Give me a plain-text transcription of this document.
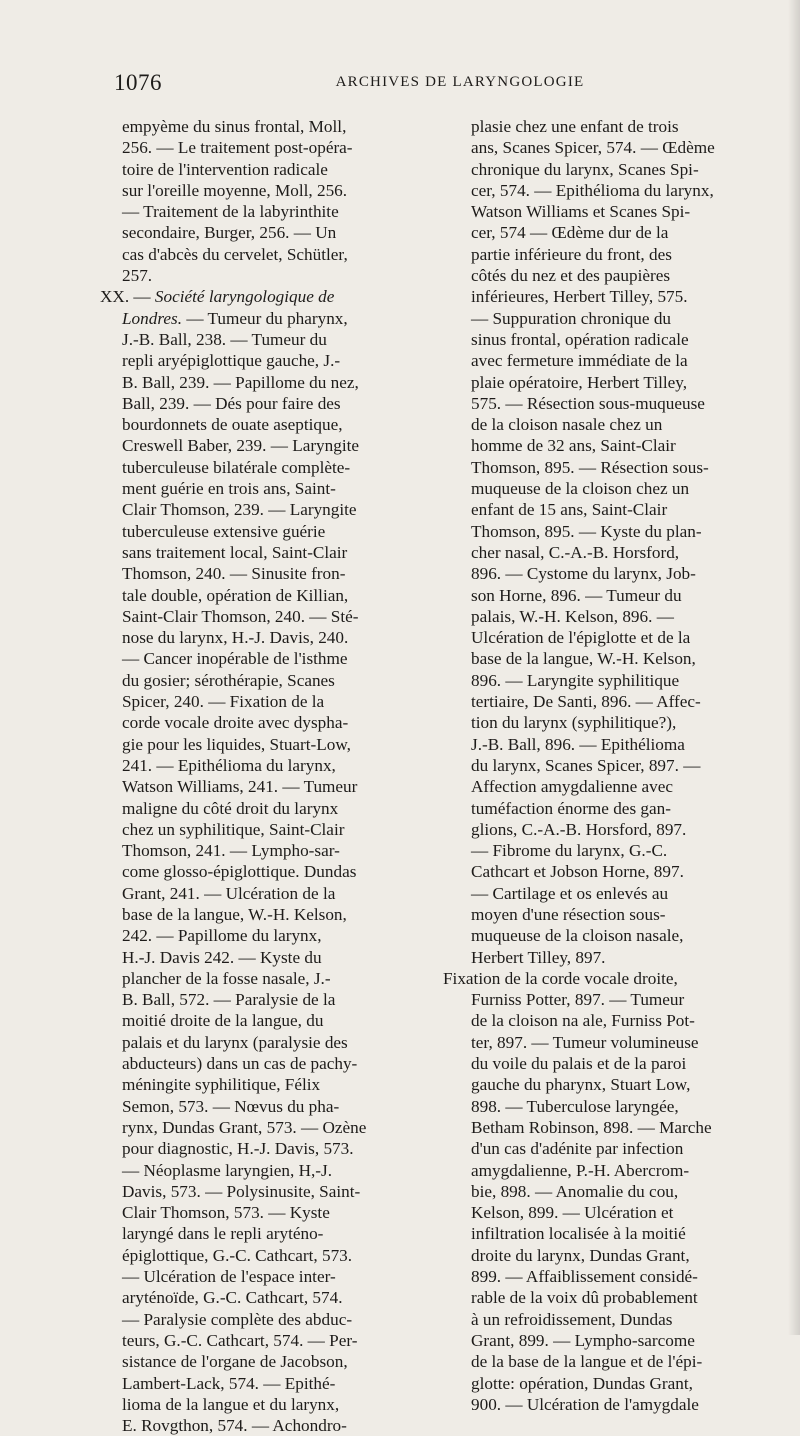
1076	ARCHIVES DE LARYNGOLOGIE

empyème du sinus frontal, Moll,

256. — Le traitement post-opéra-

toire de l'intervention radicale

sur l'oreille moyenne, Moll, 256.

— Traitement de la labyrinthite

secondaire, Burger, 256. — Un

cas d'abcès du cervelet, Schütler,

257.

XX. — Société laryngologique de

Londres. — Tumeur du pharynx,

J.-B. Ball, 238. — Tumeur du

repli aryépiglottique gauche, J.-

B. Ball, 239. — Papillome du nez,

Ball, 239. — Dés pour faire des

bourdonnets de ouate aseptique,

Creswell Baber, 239. — Laryngite

tuberculeuse bilatérale complète-

ment guérie en trois ans, Saint-

Clair Thomson, 239. — Laryngite

tuberculeuse extensive guérie

sans traitement local, Saint-Clair

Thomson, 240. — Sinusite fron-

tale double, opération de Killian,

Saint-Clair Thomson, 240. — Sté-

nose du larynx, H.-J. Davis, 240.

— Cancer inopérable de l'isthme

du gosier; sérothérapie, Scanes

Spicer, 240. — Fixation de la

corde vocale droite avec dyspha-

gie pour les liquides, Stuart-Low,

241. — Epithélioma du larynx,

Watson Williams, 241. — Tumeur

maligne du côté droit du larynx

chez un syphilitique, Saint-Clair

Thomson, 241. — Lympho-sar-

come glosso-épiglottique. Dundas

Grant, 241. — Ulcération de la

base de la langue, W.-H. Kelson,

242. — Papillome du larynx,

H.-J. Davis 242. — Kyste du

plancher de la fosse nasale, J.-

B. Ball, 572. — Paralysie de la

moitié droite de la langue, du

palais et du larynx (paralysie des

abducteurs) dans un cas de pachy-

méningite syphilitique, Félix

Semon, 573. — Nœvus du pha-

rynx, Dundas Grant, 573. — Ozène

pour diagnostic, H.-J. Davis, 573.

— Néoplasme laryngien, H,-J.

Davis, 573. — Polysinusite, Saint-

Clair Thomson, 573. — Kyste

laryngé dans le repli aryténo-

épiglottique, G.-C. Cathcart, 573.

— Ulcération de l'espace inter-

aryténoïde, G.-C. Cathcart, 574.

— Paralysie complète des abduc-

teurs, G.-C. Cathcart, 574. — Per-

sistance de l'organe de Jacobson,

Lambert-Lack, 574. — Epithé-

lioma de la langue et du larynx,

E. Rovgthon, 574. — Achondro-

plasie chez une enfant de trois

ans, Scanes Spicer, 574. — Œdème

chronique du larynx, Scanes Spi-

cer, 574. — Epithélioma du larynx,

Watson Williams et Scanes Spi-

cer, 574 — Œdème dur de la

partie inférieure du front, des

côtés du nez et des paupières

inférieures, Herbert Tilley, 575.

— Suppuration chronique du

sinus frontal, opération radicale

avec fermeture immédiate de la

plaie opératoire, Herbert Tilley,

575. — Résection sous-muqueuse

de la cloison nasale chez un

homme de 32 ans, Saint-Clair

Thomson, 895. — Résection sous-

muqueuse de la cloison chez un

enfant de 15 ans, Saint-Clair

Thomson, 895. — Kyste du plan-

cher nasal, C.-A.-B. Horsford,

896. — Cystome du larynx, Job-

son Horne, 896. — Tumeur du

palais, W.-H. Kelson, 896. —

Ulcération de l'épiglotte et de la

base de la langue, W.-H. Kelson,

896. — Laryngite syphilitique

tertiaire, De Santi, 896. — Affec-

tion du larynx (syphilitique?),

J.-B. Ball, 896. — Epithélioma

du larynx, Scanes Spicer, 897. —

Affection amygdalienne avec

tuméfaction énorme des gan-

glions, C.-A.-B. Horsford, 897.

— Fibrome du larynx, G.-C.

Cathcart et Jobson Horne, 897.

— Cartilage et os enlevés au

moyen d'une résection sous-

muqueuse de la cloison nasale,

Herbert Tilley, 897.

Fixation de la corde vocale droite,

Furniss Potter, 897. — Tumeur

de la cloison na ale, Furniss Pot-

ter, 897. — Tumeur volumineuse

du voile du palais et de la paroi

gauche du pharynx, Stuart Low,

898. — Tuberculose laryngée,

Betham Robinson, 898. — Marche

d'un cas d'adénite par infection

amygdalienne, P.-H. Abercrom-

bie, 898. — Anomalie du cou,

Kelson, 899. — Ulcération et

infiltration localisée à la moitié

droite du larynx, Dundas Grant,

899. — Affaiblissement considé-

rable de la voix dû probablement

à un refroidissement, Dundas

Grant, 899. — Lympho-sarcome

de la base de la langue et de l'épi-

glotte: opération, Dundas Grant,

900. — Ulcération de l'amygdale
